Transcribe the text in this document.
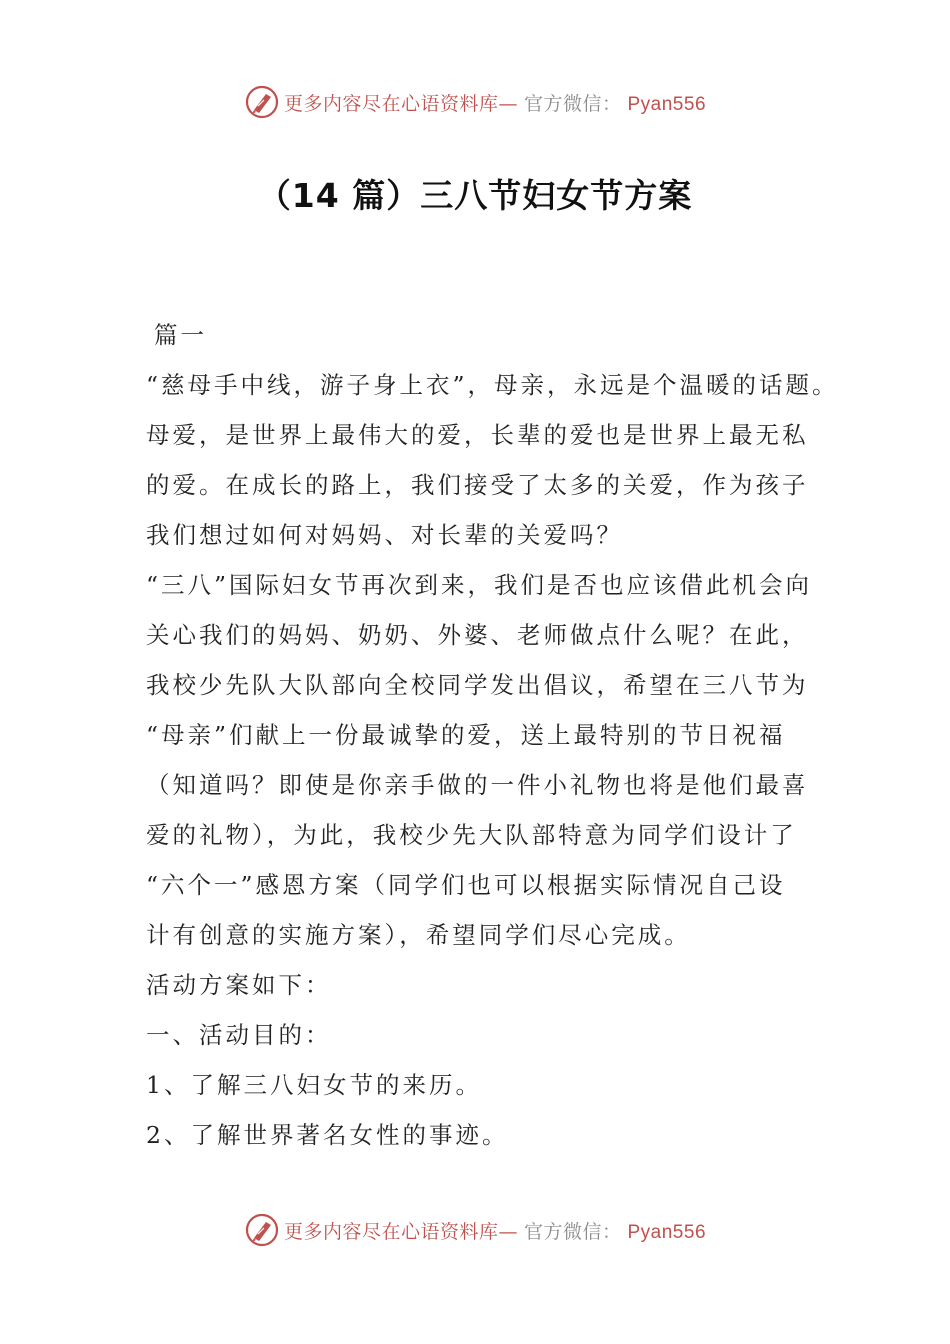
更多内容尽在心语资料库— 官方微信： Pyan556
（14 篇）三八节妇女节方案
篇一
“慈母手中线，游子身上衣”，母亲，永远是个温暖的话题。
母爱，是世界上最伟大的爱，长辈的爱也是世界上最无私
的爱。在成长的路上，我们接受了太多的关爱，作为孩子
我们想过如何对妈妈、对长辈的关爱吗？
“三八”国际妇女节再次到来，我们是否也应该借此机会向
关心我们的妈妈、奶奶、外婆、老师做点什么呢？在此，
我校少先队大队部向全校同学发出倡议，希望在三八节为
“母亲”们献上一份最诚挚的爱，送上最特别的节日祝福
（知道吗？即使是你亲手做的一件小礼物也将是他们最喜
爱的礼物），为此，我校少先大队部特意为同学们设计了
“六个一”感恩方案（同学们也可以根据实际情况自己设
计有创意的实施方案），希望同学们尽心完成。
活动方案如下：
一、活动目的：
1、了解三八妇女节的来历。
2、了解世界著名女性的事迹。
更多内容尽在心语资料库— 官方微信： Pyan556
